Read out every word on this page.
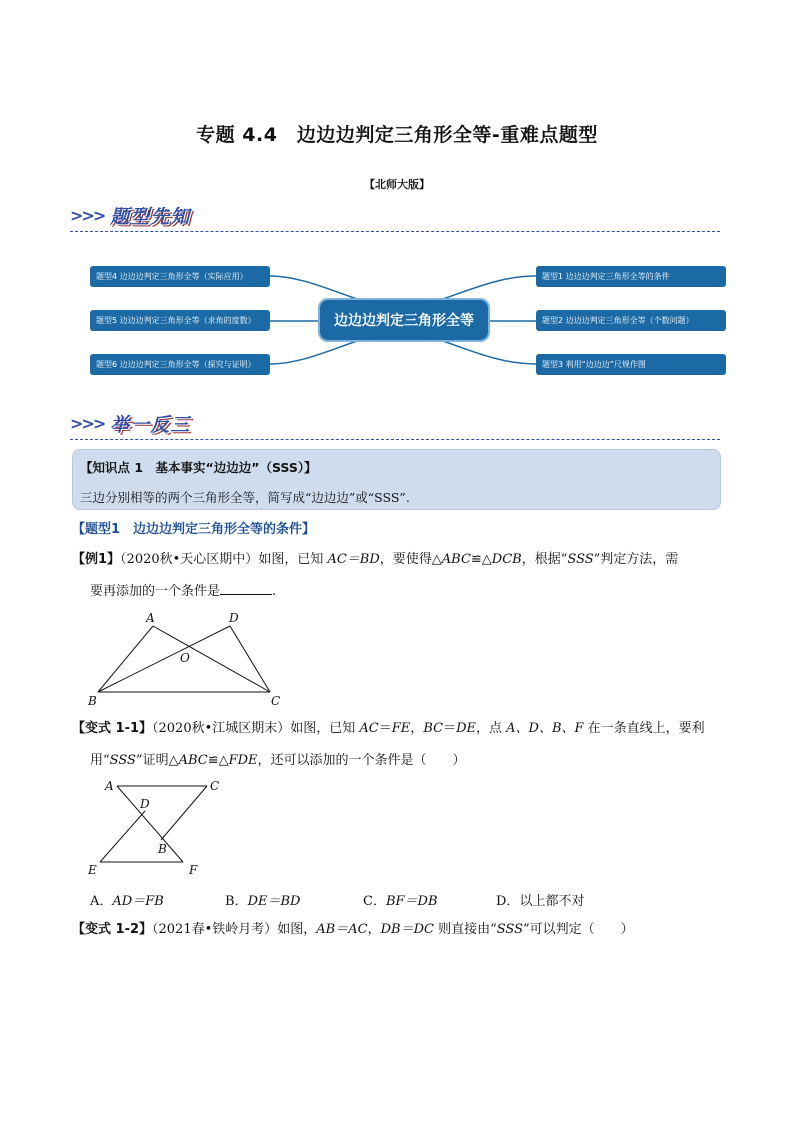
专题 4.4　边边边判定三角形全等-重难点题型
【北师大版】
>>> 题型先知
题型4 边边边判定三角形全等（实际应用）
题型5 边边边判定三角形全等（求角的度数）
题型6 边边边判定三角形全等（探究与证明）
题型1 边边边判定三角形全等的条件
题型2 边边边判定三角形全等（个数问题）
题型3 利用“边边边”尺规作图
边边边判定三角形全等
>>> 举一反三
【知识点 1　基本事实“边边边”（SSS）】
三边分别相等的两个三角形全等，简写成“边边边”或“SSS”.
【题型1　边边边判定三角形全等的条件】
【例1】（2020秋•天心区期中）如图，已知 AC＝BD，要使得△ABC≌△DCB，根据“SSS”判定方法，需
要再添加的一个条件是	.
A	D
O
B	C
【变式 1-1】（2020秋•江城区期末）如图，已知 AC＝FE，BC＝DE，点 A、D、B、F 在一条直线上，要利
用“SSS”证明△ABC≌△FDE，还可以添加的一个条件是（　　）
A	C
D
B
E	F
A．AD＝FB	B．DE＝BD	C．BF＝DB	D．以上都不对
【变式 1-2】（2021春•铁岭月考）如图，AB＝AC，DB＝DC 则直接由“SSS”可以判定（　　）
